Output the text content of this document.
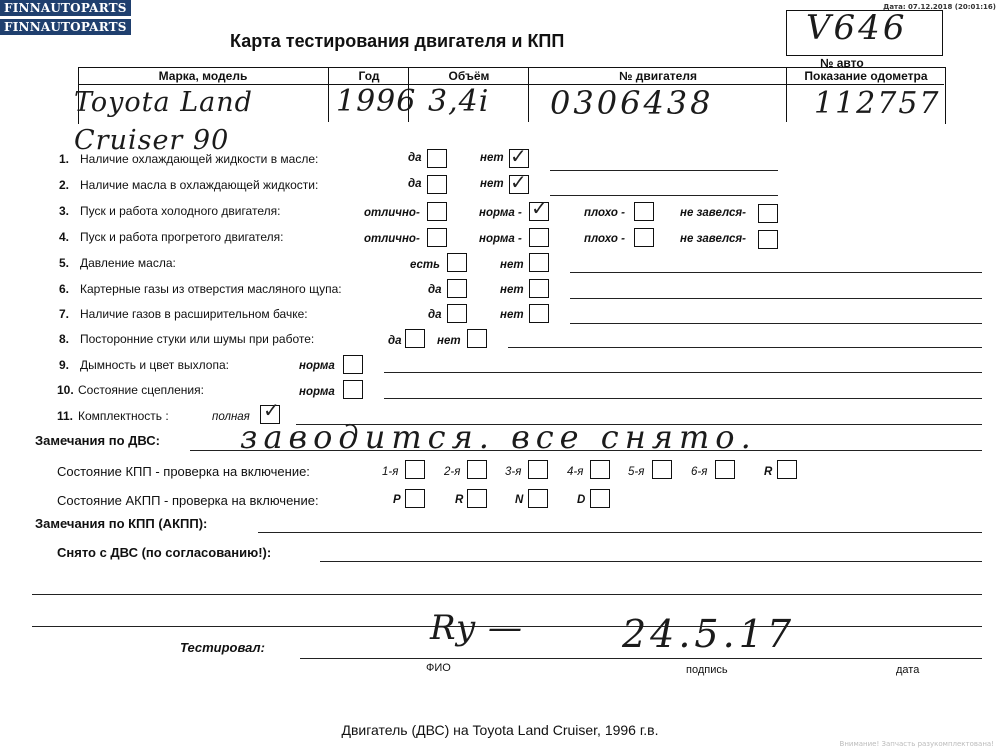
FINNAUTOPARTS
FINNAUTOPARTS
Дата: 07.12.2018 (20:01:16)
Карта тестирования двигателя и КПП	V646
№ авто
Марка, модель	Год	Объём	№ двигателя	Показание одометра
Toyota Land Cruiser 90
1996 3,4i 0306438	112757
1. Наличие охлаждающей жидкости в масле:	да	нет ✓
2. Наличие масла в охлаждающей жидкости:	да	нет ✓
3. Пуск и работа холодного двигателя:	отлично-	норма - ✓	плохо -	не завелся-
4. Пуск и работа прогретого двигателя:	отлично-	норма -	плохо -	не завелся-
5. Давление масла:	есть	нет
6. Картерные газы из отверстия масляного щупа:	да	нет
7. Наличие газов в расширительном бачке:	да	нет
8. Посторонние стуки или шумы при работе:	да	нет
9. Дымность и цвет выхлопа:	норма
10. Состояние сцепления:	норма
11. Комплектность :	полная ✓
Замечания по ДВС:	заводится. все снято.
Состояние КПП - проверка на включение:	1-я	2-я	3-я	4-я	5-я	6-я	R
Состояние АКПП - проверка на включение:	P	R	N	D
Замечания по КПП (АКПП):
Снято с ДВС (по согласованию!):
Тестировал:	Ry —	24.5.17
ФИО	подпись	дата
Внимание! Запчасть разукомплектована!
Двигатель (ДВС) на Toyota Land Cruiser, 1996 г.в.
